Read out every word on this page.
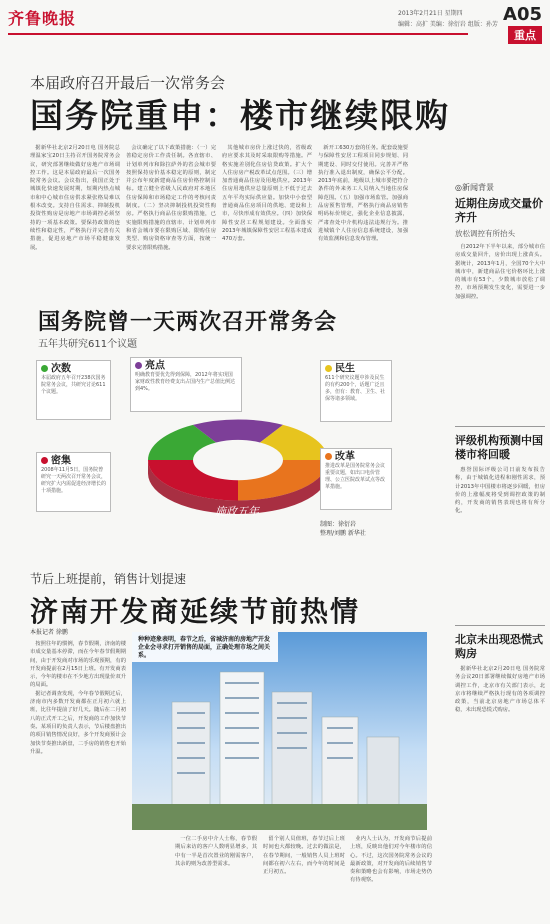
齐鲁晚报	2013年2月21日 星期四
编辑：高扩 美编：徐衍岩 组版：孙芳 A05
重点
本届政府召开最后一次常务会
国务院重申：楼市继续限购

据新华社北京2月20日电 国务院总理温家宝20日主持召开国务院常务会议，研究部署继续做好房地产市场调控工作。这是本届政府最后一次国务院常务会议。会议指出，我国正处于城镇化快速发展时期，短期内热点城市和中心城市住房供求紧张格局难以根本改变。支持自住需求、抑制投机投资性购房是房地产市场调控必须坚持的一项基本政策。要保持政策的连续性和稳定性，严格执行并完善有关措施，促进房地产市场平稳健康发展。

会议确定了以下政策措施：（一）完善稳定房价工作责任制。各直辖市、计划单列市和除拉萨外的省会城市要按照保持房价基本稳定的原则，制定并公布年度新建商品住房价格控制目标。建立健全省级人民政府对本地区住房保障和市场稳定工作的考核问责制度。（二）坚决抑制投机投资性购房。严格执行商品住房限购措施，已实施限购措施的直辖市、计划单列市和省会城市要在限购区域、限购住房类型、购房资格审查等方面，按统一要求完善限购措施。

其他城市房价上涨过快的，省级政府应要求其及时采取限购等措施。严格实施差别化住房信贷政策。扩大个人住房房产税改革试点范围。（三）增加普通商品住房及用地供应。2013年住房用地供应总量原则上不低于过去五年平均实际供应量。加快中小套型普通商品住房项目的供地、建设和上市，尽快形成有效供应。（四）加快保障性安居工程规划建设。全面落实2013年城镇保障性安居工程基本建成470万套。

新开工630万套的任务。配套设施要与保障性安居工程项目同步规划、同期建设、同时交付使用。完善并严格执行准入退出制度，确保公平分配。2013年底前，地级以上城市要把符合条件的外来务工人员纳入当地住房保障范围。（五）加强市场监管。加强商品房预售管理，严格执行商品房销售明码标价规定，强化企业信息披露，严肃查处中介机构违法违规行为。推进城镇个人住房信息系统建设，加强有效监测和信息发布管理。

国务院曾一天两次召开常务会
五年共研究611个议题
施政五年
次数
本届政府五年召开238次国务院常务会议，共研究讨论611个议题。
亮点
明确教育要优先得到保障，2012年将实现国家财政性教育经费支出占国内生产总值比例达到4%。
民生
611个研究议题中涉及民生的有约200个，话题广泛且多，但有：教育、卫生、社保等诸多领域。
密集
2008年11月5日，国务院曾研究一天两次召开常务会议，研究扩大内需促进经济增长的十项措施。
改革
推进改革是国务院常务会议重要议题，如出口电价管理、公立医院改革试点等改革措施。
制图：徐衍岩
整理/刘鹏 新华社
节后上班提前，销售计划提速
济南开发商延续节前热情
本报记者 徐鹏

按照往年的惯例，春节假期，济南的楼市成交量基本停滞，而在今年春节假期期间，由于开发商对市场的乐观预期，有的开发商提前在2月15日上班。有开发商表示，今年的楼市在不少地方出现量价双升的局面。

据记者调查发现，今年春节假期过后，济南市内多数开发商都在正月初六就上班，比往年提前了好几天。随后在二月初八的正式开工之后，开发商的工作加快节奏。某项目的负责人表示，节后楼盘推出的项目销售情况良好，多个开发商预计会加快节奏推出新盘，二手房的销售也开始升温。

一位二手房中介人士称，春节假期后来访的客户人数明显增多，其中有一半是首次置业的刚需客户，其余的则为改善型需求。

留个别人员值班，春节过后上班时间也大都较晚。过去的做法是，在春节期间，一般销售人员上班时间都在初六左右，而今年的时间是正月初五。

业内人士认为，开发商节后提前上班，反映出他们对今年楼市的信心。不过，这次国务院常务会议的最新政策，对开发商的后续销售节奏和策略也会有影响，市场走势仍有待观察。

种种迹象表明，春节之后，省城济南的房地产开发企业会寻求打开销售的局面，正确处理市场之间关系。
◎新闻背景
近期住房成交量价齐升
放松调控有所抬头

自2012年下半年以来，部分城市住房成交量回升，房价出现上涨苗头。据统计，2013年1月，全国70个大中城市中，新建商品住宅价格环比上涨的城市有53个，少数城市放松了调控，市场预期发生变化，需要进一步加强调控。

评级机构预测中国楼市将回暖

惠誉国际评级公司日前发布报告称，由于城镇化进程和刚性需求，预计2013年中国楼市将逐步回暖，但房价的上涨幅度将受到调控政策的制约，开发商的销售表现也将有所分化。

北京未出现恐慌式购房

据新华社北京2月20日电 国务院常务会议20日部署继续做好房地产市场调控工作，北京市有关部门表示，北京市将继续严格执行现有的各项调控政策，当前北京房地产市场总体平稳，未出现恐慌式购房。
